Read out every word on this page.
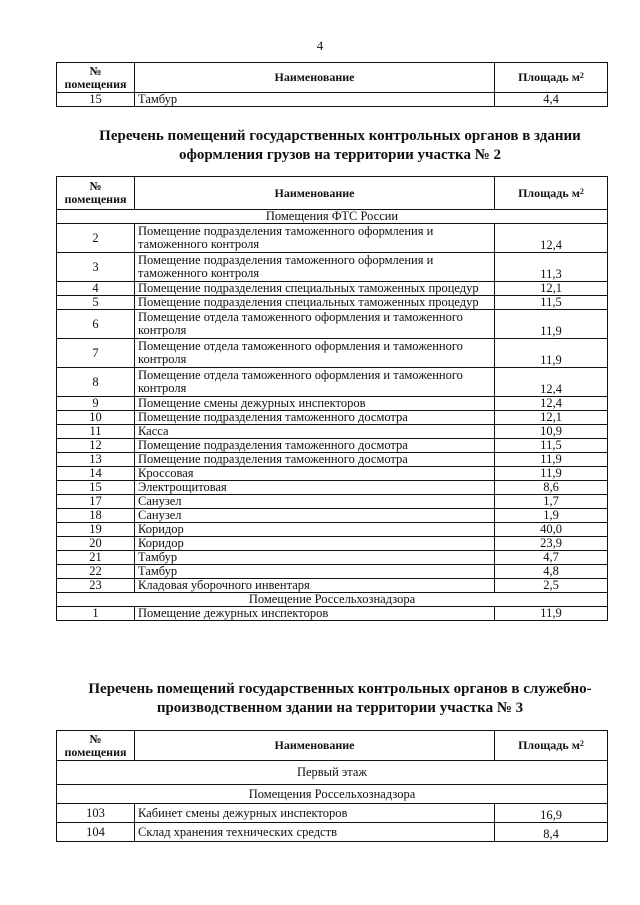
4
№ помещения	Наименование	Площадь $м^2$
15	Тамбур	4,4
Перечень помещений государственных контрольных органов в здании оформления грузов на территории участка № 2
№ помещения	Наименование	Площадь $м^2$
Помещения ФТС России		
2	Помещение подразделения таможенного оформления и таможенного контроля	12,4
3	Помещение подразделения таможенного оформления и таможенного контроля	11,3
4	Помещение подразделения специальных таможенных процедур	12,1
5	Помещение подразделения специальных таможенных процедур	11,5
6	Помещение отдела таможенного оформления и таможенного контроля	11,9
7	Помещение отдела таможенного оформления и таможенного контроля	11,9
8	Помещение отдела таможенного оформления и таможенного контроля	12,4
9	Помещение смены дежурных инспекторов	12,4
10	Помещение подразделения таможенного досмотра	12,1
11	Касса	10,9
12	Помещение подразделения таможенного досмотра	11,5
13	Помещение подразделения таможенного досмотра	11,9
14	Кроссовая	11,9
15	Электрощитовая	8,6
17	Санузел	1,7
18	Санузел	1,9
19	Коридор	40,0
20	Коридор	23,9
21	Тамбур	4,7
22	Тамбур	4,8
23	Кладовая уборочного инвентаря	2,5
Помещение Россельхознадзора		
1	Помещение дежурных инспекторов	11,9
Перечень помещений государственных контрольных органов в служебно-производственном здании на территории участка № 3
№ помещения	Наименование	Площадь $м^2$
Первый этаж		
Помещения Россельхознадзора		
103	Кабинет смены дежурных инспекторов	16,9
104	Склад хранения технических средств	8,4
